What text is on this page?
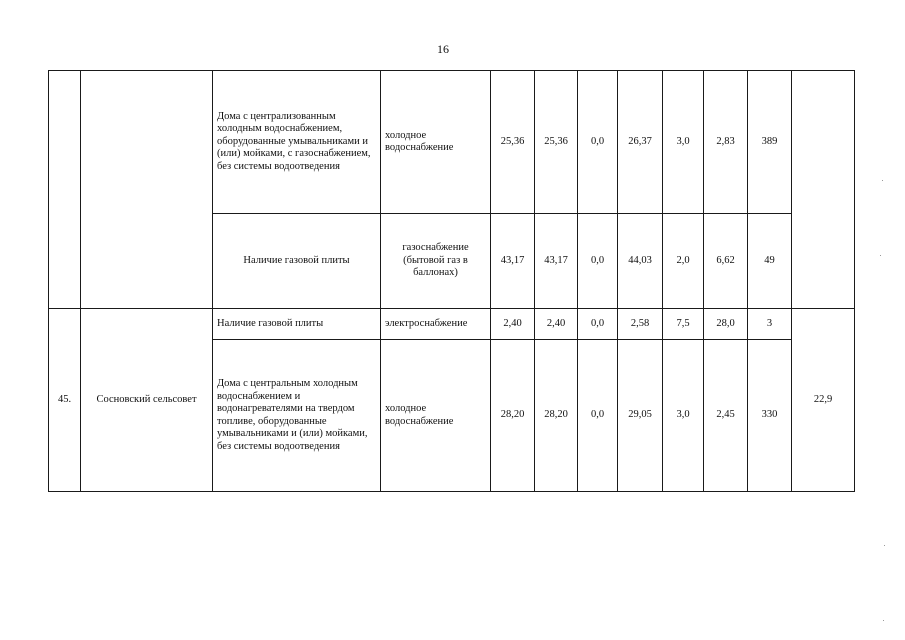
16
		Дома с централизованным холодным водоснабжением, оборудованные умывальниками и (или) мойками, с газоснабжением, без системы водоотведения	холодное водоснабжение	25,36	25,36	0,0	26,37	3,0	2,83	389	
		Наличие газовой плиты	газоснабжение (бытовой газ в баллонах)	43,17	43,17	0,0	44,03	2,0	6,62	49	
45.	Сосновский сельсовет	Наличие газовой плиты	электроснабжение	2,40	2,40	0,0	2,58	7,5	28,0	3	22,9
		Дома с центральным холодным водоснабжением и водонагревателями на твердом топливе, оборудованные умывальниками и (или) мойками, без системы водоотведения	холодное водоснабжение	28,20	28,20	0,0	29,05	3,0	2,45	330	
